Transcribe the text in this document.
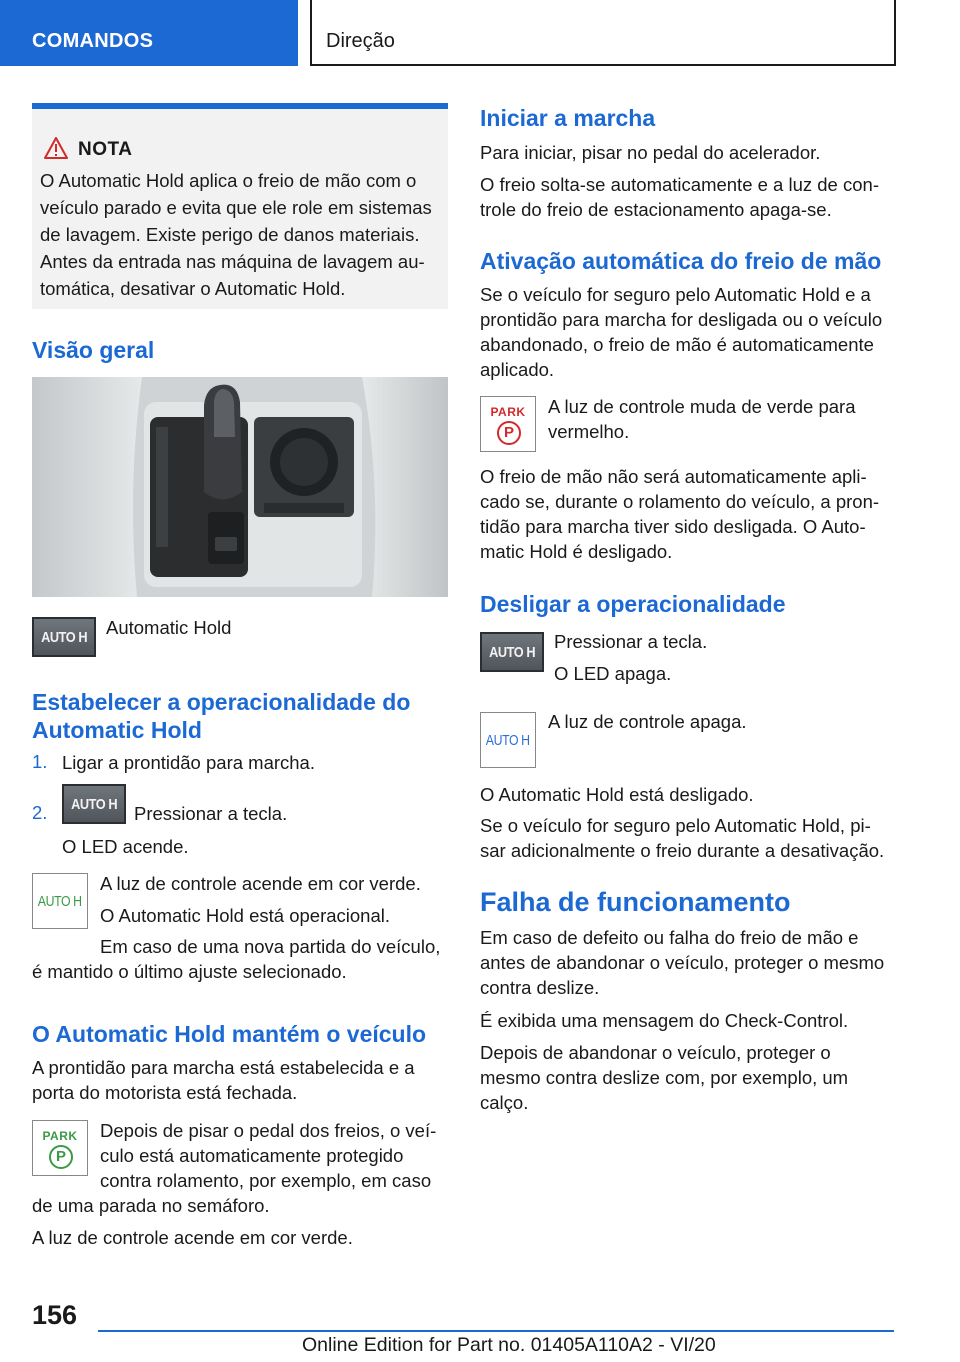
COMANDOS	Direção
NOTA
O Automatic Hold aplica o freio de mão com o veículo parado e evita que ele role em sistemas de lavagem. Existe perigo de danos materiais. Antes da entrada nas máquina de lavagem au-tomática, desativar o Automatic Hold.
Visão geral
AUTO H Automatic Hold
Estabelecer a operacionalidade do
Automatic Hold
1. Ligar a prontidão para marcha.
2. AUTO H Pressionar a tecla.
O LED acende.
AUTO H
A luz de controle acende em cor verde.
O Automatic Hold está operacional.
Em caso de uma nova partida do veículo,
é mantido o último ajuste selecionado.
O Automatic Hold mantém o veículo
A prontidão para marcha está estabelecida e a
porta do motorista está fechada.
PARK
P
Depois de pisar o pedal dos freios, o veí-
culo está automaticamente protegido
contra rolamento, por exemplo, em caso
de uma parada no semáforo.
A luz de controle acende em cor verde.
Iniciar a marcha
Para iniciar, pisar no pedal do acelerador.
O freio solta-se automaticamente e a luz de con-
trole do freio de estacionamento apaga-se.
Ativação automática do freio de mão
Se o veículo for seguro pelo Automatic Hold e a
prontidão para marcha for desligada ou o veículo
abandonado, o freio de mão é automaticamente
aplicado.
PARK
P
A luz de controle muda de verde para
vermelho.
O freio de mão não será automaticamente apli-
cado se, durante o rolamento do veículo, a pron-
tidão para marcha tiver sido desligada. O Auto-
matic Hold é desligado.
Desligar a operacionalidade
AUTO H Pressionar a tecla.
O LED apaga.
AUTO H
A luz de controle apaga.
O Automatic Hold está desligado.
Se o veículo for seguro pelo Automatic Hold, pi-
sar adicionalmente o freio durante a desativação.
Falha de funcionamento
Em caso de defeito ou falha do freio de mão e
antes de abandonar o veículo, proteger o mesmo
contra deslize.
É exibida uma mensagem do Check-Control.
Depois de abandonar o veículo, proteger o
mesmo contra deslize com, por exemplo, um
calço.
156
Online Edition for Part no. 01405A110A2 - VI/20
